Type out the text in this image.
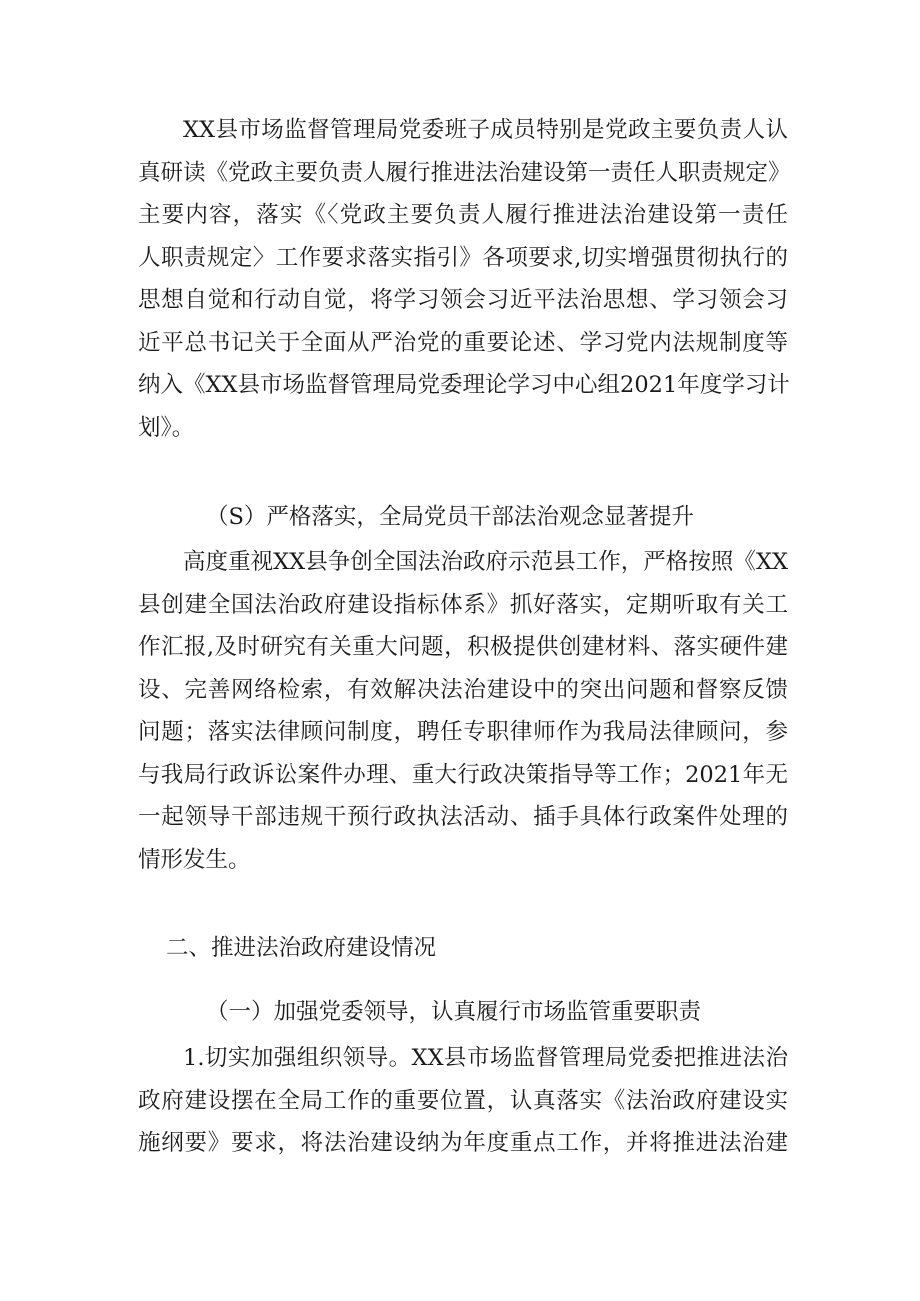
XX县市场监督管理局党委班子成员特别是党政主要负责人认
真研读《党政主要负责人履行推进法治建设第一责任人职责规定》
主要内容，落实《〈党政主要负责人履行推进法治建设第一责任
人职责规定〉工作要求落实指引》各项要求,切实增强贯彻执行的
思想自觉和行动自觉，将学习领会习近平法治思想、学习领会习
近平总书记关于全面从严治党的重要论述、学习党内法规制度等
纳入《XX县市场监督管理局党委理论学习中心组2021年度学习计
划》。
（S）严格落实，全局党员干部法治观念显著提升
高度重视XX县争创全国法治政府示范县工作，严格按照《XX
县创建全国法治政府建设指标体系》抓好落实，定期听取有关工
作汇报,及时研究有关重大问题，积极提供创建材料、落实硬件建
设、完善网络检索，有效解决法治建设中的突出问题和督察反馈
问题；落实法律顾问制度，聘任专职律师作为我局法律顾问，参
与我局行政诉讼案件办理、重大行政决策指导等工作；2021年无
一起领导干部违规干预行政执法活动、插手具体行政案件处理的
情形发生。
二、推进法治政府建设情况
（一）加强党委领导，认真履行市场监管重要职责
1.切实加强组织领导。XX县市场监督管理局党委把推进法治
政府建设摆在全局工作的重要位置，认真落实《法治政府建设实
施纲要》要求，将法治建设纳为年度重点工作，并将推进法治建
